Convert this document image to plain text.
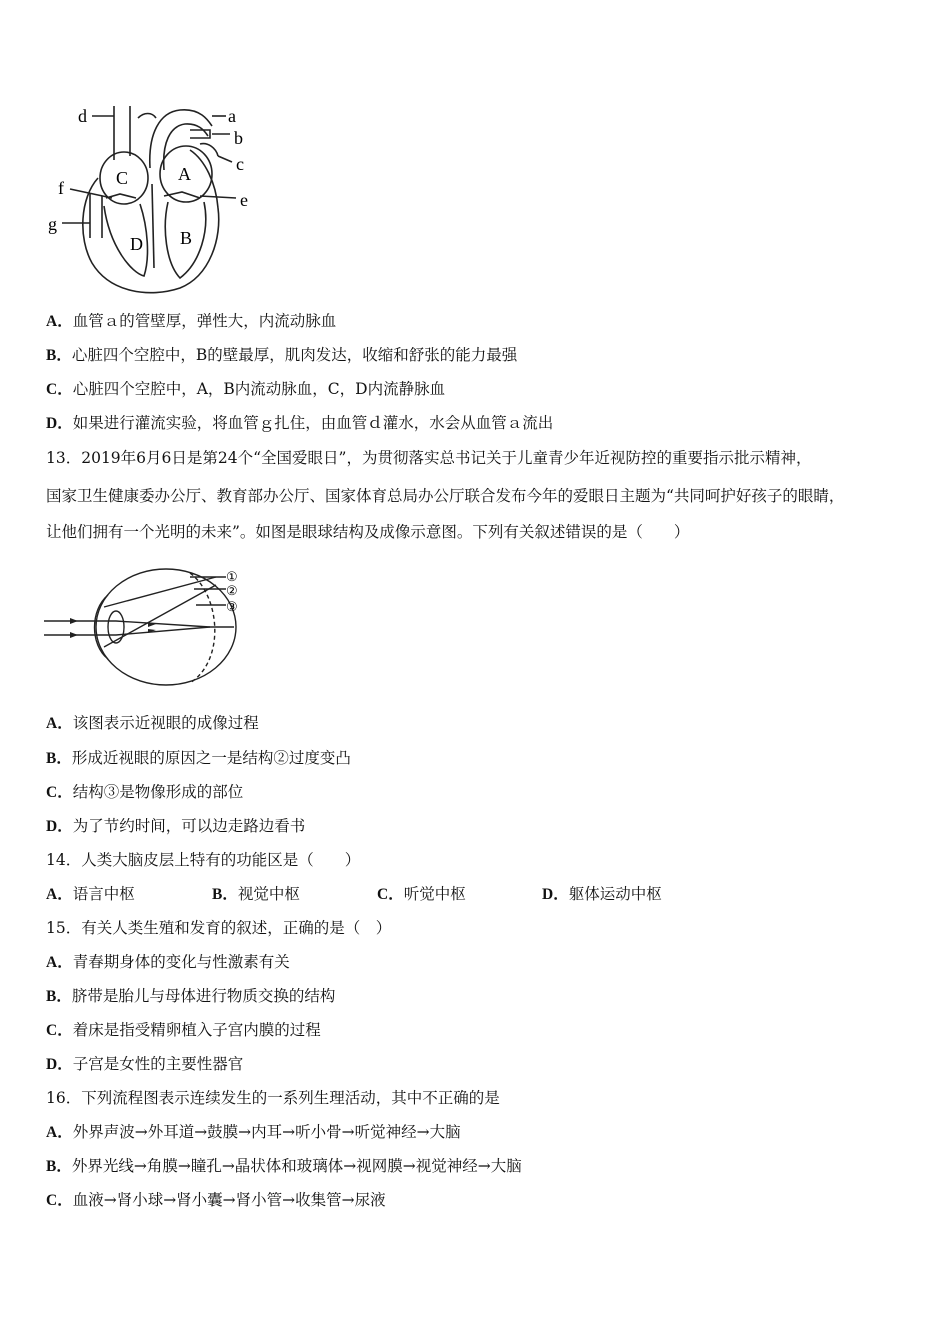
d	a
b
c
f
e
g
C	A
D B
A．血管ａ的管壁厚，弹性大，内流动脉血
B．心脏四个空腔中，B的壁最厚，肌肉发达，收缩和舒张的能力最强
C．心脏四个空腔中，A，B内流动脉血，C，D内流静脉血
D．如果进行灌流实验，将血管ｇ扎住，由血管ｄ灌水，水会从血管ａ流出
13．2019年6月6日是第24个“全国爱眼日”，为贯彻落实总书记关于儿童青少年近视防控的重要指示批示精神，
国家卫生健康委办公厅、教育部办公厅、国家体育总局办公厅联合发布今年的爱眼日主题为“共同呵护好孩子的眼睛，
让他们拥有一个光明的未来”。如图是眼球结构及成像示意图。下列有关叙述错误的是（　　）
①
②
③
A．该图表示近视眼的成像过程
B．形成近视眼的原因之一是结构②过度变凸
C．结构③是物像形成的部位
D．为了节约时间，可以边走路边看书
14．人类大脑皮层上特有的功能区是（　　）
A．语言中枢	B．视觉中枢	C．听觉中枢	D．躯体运动中枢
15．有关人类生殖和发育的叙述，正确的是（　）
A．青春期身体的变化与性激素有关
B．脐带是胎儿与母体进行物质交换的结构
C．着床是指受精卵植入子宫内膜的过程
D．子宫是女性的主要性器官
16．下列流程图表示连续发生的一系列生理活动，其中不正确的是
A．外界声波→外耳道→鼓膜→内耳→听小骨→听觉神经→大脑
B．外界光线→角膜→瞳孔→晶状体和玻璃体→视网膜→视觉神经→大脑
C．血液→肾小球→肾小囊→肾小管→收集管→尿液
